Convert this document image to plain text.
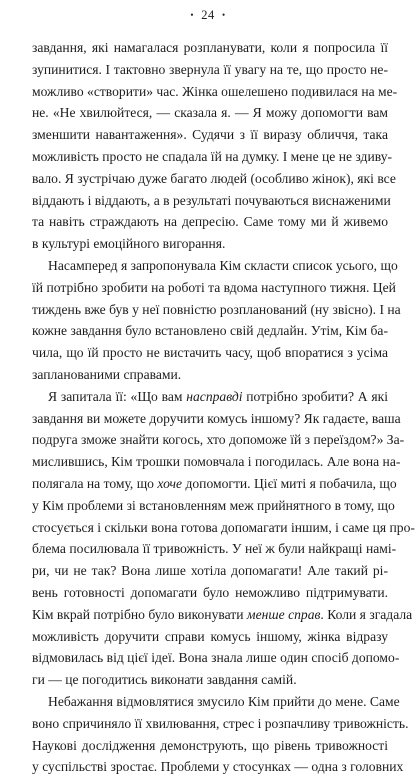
• 24 •
завдання, які намагалася розпланувати, коли я попросила її
зупинитися. І тактовно звернула її увагу на те, що просто не-
можливо «створити» час. Жінка ошелешено подивилася на ме-
не. «Не хвилюйтеся, — сказала я. — Я можу допомогти вам
зменшити навантаження». Судячи з її виразу обличчя, така
можливість просто не спадала їй на думку. І мене це не здиву-
вало. Я зустрічаю дуже багато людей (особливо жінок), які все
віддають і віддають, а в результаті почуваються виснаженими
та навіть страждають на депресію. Саме тому ми й живемо
в культурі емоційного вигорання.
Насамперед я запропонувала Кім скласти список усього, що
їй потрібно зробити на роботі та вдома наступного тижня. Цей
тиждень вже був у неї повністю розпланований (ну звісно). І на
кожне завдання було встановлено свій дедлайн. Утім, Кім ба-
чила, що їй просто не вистачить часу, щоб впоратися з усіма
запланованими справами.
Я запитала її: «Що вам насправді потрібно зробити? А які
завдання ви можете доручити комусь іншому? Як гадаєте, ваша
подруга зможе знайти когось, хто допоможе їй з переїздом?» За-
мислившись, Кім трошки помовчала і погодилась. Але вона на-
полягала на тому, що хоче допомогти. Цієї миті я побачила, що
у Кім проблеми зі встановленням меж прийнятного в тому, що
стосується і скільки вона готова допомагати іншим, і саме ця про-
блема посилювала її тривожність. У неї ж були найкращі намі-
ри, чи не так? Вона лише хотіла допомагати! Але такий рі-
вень готовності допомагати було неможливо підтримувати.
Кім вкрай потрібно було виконувати менше справ. Коли я згадала
можливість доручити справи комусь іншому, жінка відразу
відмовилась від цієї ідеї. Вона знала лише один спосіб допомо-
ги — це погодитись виконати завдання самій.
Небажання відмовлятися змусило Кім прийти до мене. Саме
воно спричиняло її хвилювання, стрес і розпачливу тривожність.
Наукові дослідження демонструють, що рівень тривожності
у суспільстві зростає. Проблеми у стосунках — одна з головних
